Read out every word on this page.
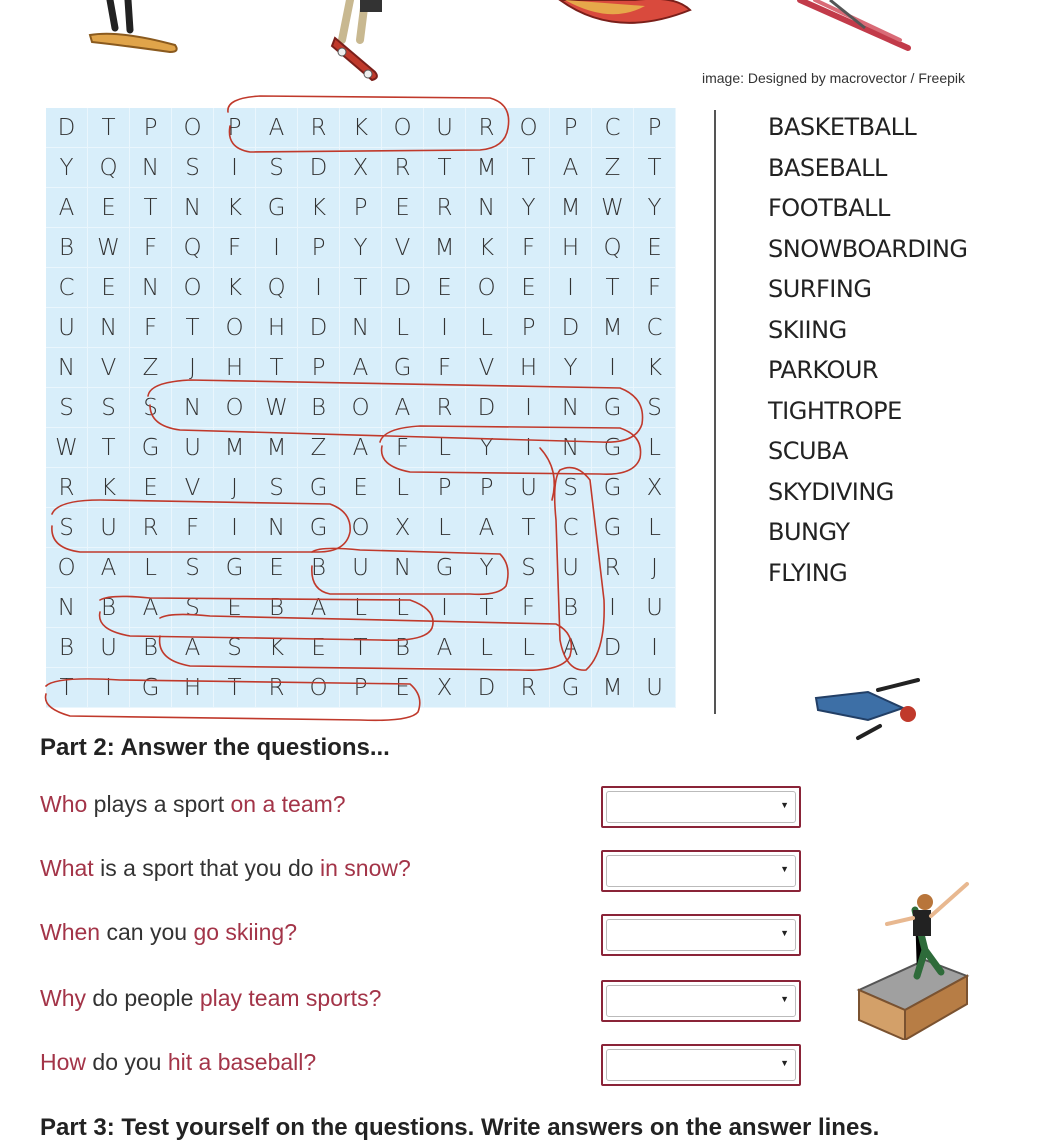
image: Designed by macrovector / Freepik
D	T	P	O	P	A	R	K	O	U	R	O	P	C	P
Y	Q	N	S	I	S	D	X	R	T	M	T	A	Z	T
A	E	T	N	K	G	K	P	E	R	N	Y	M W	Y
B	W	F	Q	F	I	P	Y	V	M	K	F	H	Q	E
C	E	N	O	K	Q	I	T	D	E	O	E	I	T	F
U	N	F	T	O	H	D	N	L	I	L	P	D	M	C
N	V	Z	J	H	T	P	A	G	F	V	H	Y	I	K
S	S	S	N	O W	B	O	A	R	D	I	N	G	S
W	T	G	U	M M	Z	A	F	L	Y	I	N	G	L
R	K	E	V	J	S	G	E	L	P	P	U	S	G	X
S	U	R	F	I	N	G	O	X	L	A	T	C	G	L
O	A	L	S	G	E	B	U	N	G	Y	S	U	R	J
N	B	A	S	E	B	A	L	L	I	T	F	B	I	U
B	U	B	A	S	K	E	T	B	A	L	L	A	D	I
T	I	G	H	T	R	O	P	E	X	D	R	G	M	U
BASKETBALL
BASEBALL
FOOTBALL
SNOWBOARDING
SURFING
SKIING
PARKOUR
TIGHTROPE
SCUBA
SKYDIVING
BUNGY
FLYING
Part 2: Answer the questions...
Who plays a sport on a team?	▼
What is a sport that you do in snow?	▼
When can you go skiing?	▼
Why do people play team sports?	▼
How do you hit a baseball?	▼
Part 3: Test yourself on the questions. Write answers on the answer lines.
